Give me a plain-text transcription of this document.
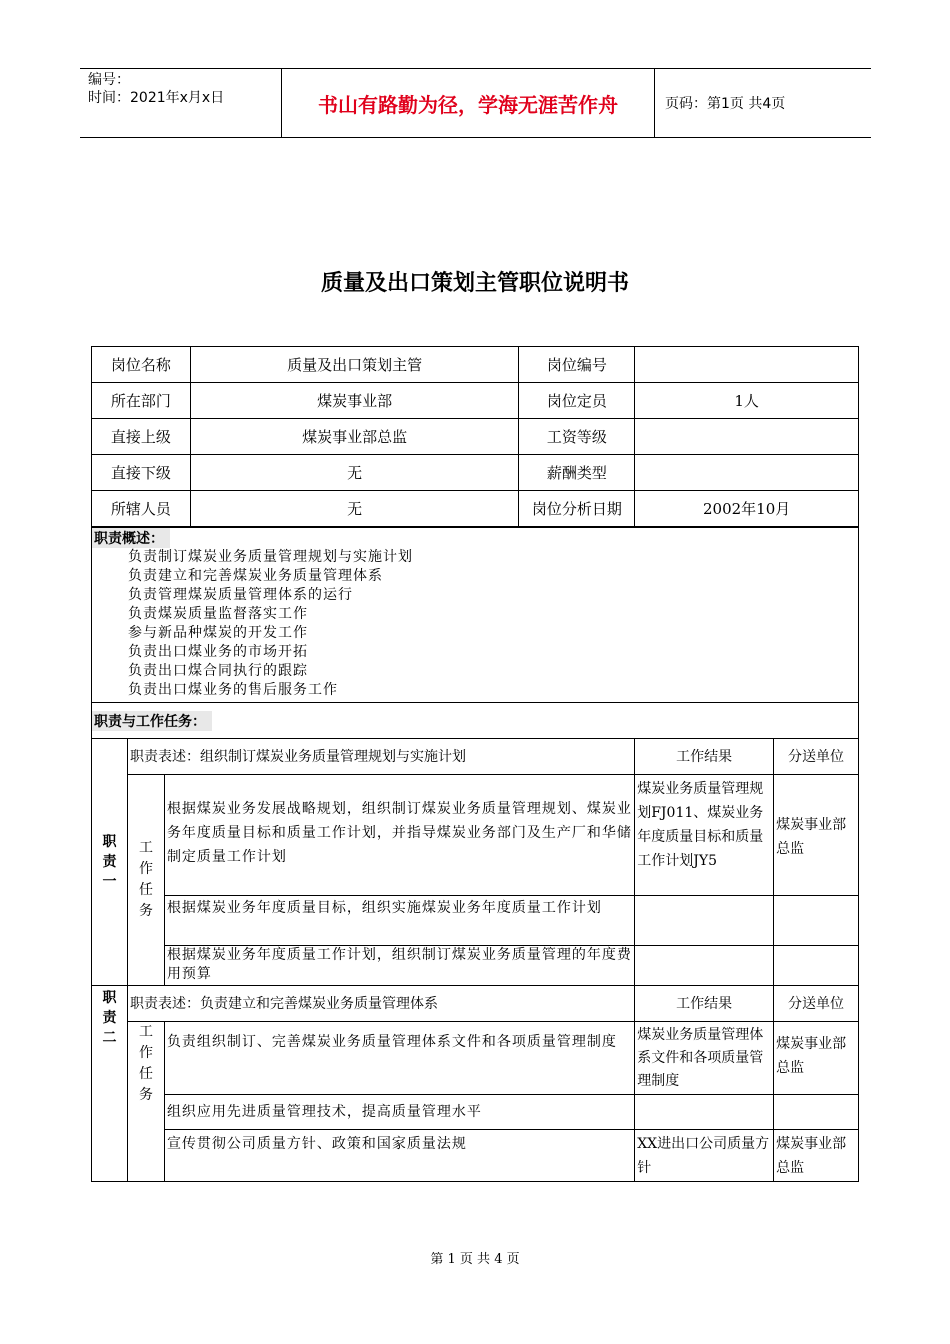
编号：
时间：2021年x月x日	书山有路勤为径，学海无涯苦作舟	页码：第1页 共4页
质量及出口策划主管职位说明书
岗位名称	质量及出口策划主管	岗位编号	
所在部门	煤炭事业部	岗位定员	1人
直接上级	煤炭事业部总监	工资等级	
直接下级	无	薪酬类型	
所辖人员	无	岗位分析日期	2002年10月
职责概述：
负责制订煤炭业务质量管理规划与实施计划
负责建立和完善煤炭业务质量管理体系
负责管理煤炭质量管理体系的运行
负责煤炭质量监督落实工作
参与新品种煤炭的开发工作
负责出口煤业务的市场开拓
负责出口煤合同执行的跟踪
负责出口煤业务的售后服务工作
职责与工作任务：
职
责
一	职责表述：组织制订煤炭业务质量管理规划与实施计划		工作结果	分送单位
	工
作
任
务	根据煤炭业务发展战略规划，组织制订煤炭业务质量管理规划、煤炭业务年度质量目标和质量工作计划，并指导煤炭业务部门及生产厂和华储制定质量工作计划	煤炭业务质量管理规划FJ011、煤炭业务年度质量目标和质量工作计划JY5	煤炭事业部总监
		根据煤炭业务年度质量目标，组织实施煤炭业务年度质量工作计划		
		根据煤炭业务年度质量工作计划，组织制订煤炭业务质量管理的年度费用预算		
职
责
二	职责表述：负责建立和完善煤炭业务质量管理体系		工作结果	分送单位
	工
作
任
务	负责组织制订、完善煤炭业务质量管理体系文件和各项质量管理制度	煤炭业务质量管理体系文件和各项质量管理制度	煤炭事业部总监
		组织应用先进质量管理技术，提高质量管理水平		
		宣传贯彻公司质量方针、政策和国家质量法规	XX进出口公司质量方针	煤炭事业部总监
第 1 页 共 4 页
